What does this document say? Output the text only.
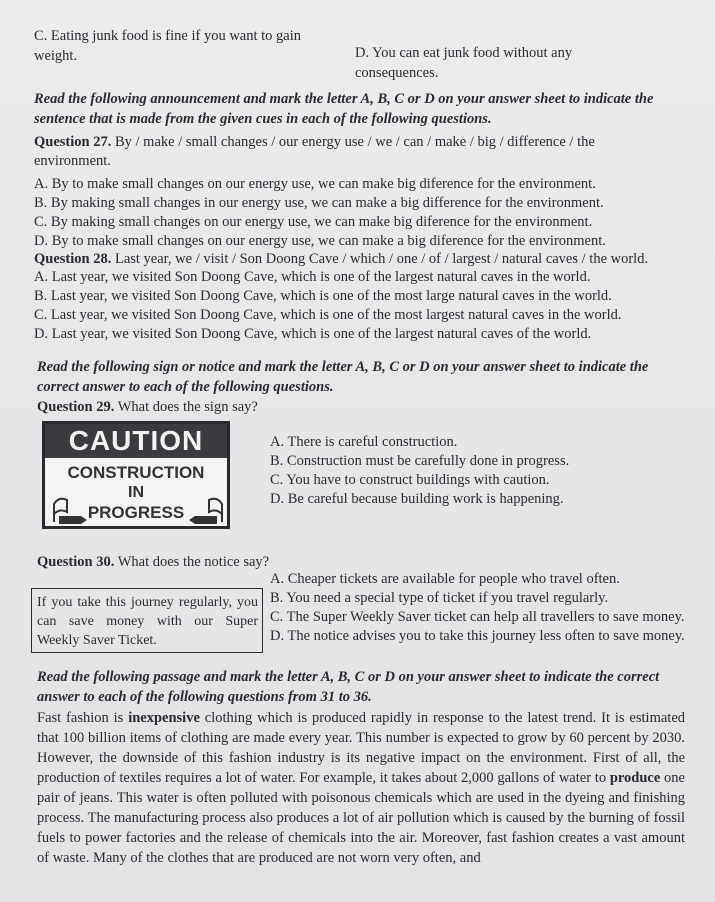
C. Eating junk food is fine if you want to gain
weight.	D. You can eat junk food without any
consequences.
Read the following announcement and mark the letter A, B, C or D on your answer sheet to indicate the
sentence that is made from the given cues in each of the following questions.
Question 27. By / make / small changes / our energy use / we / can / make / big / difference / the
environment.
A. By to make small changes on our energy use, we can make big diference for the environment.
B. By making small changes in our energy use, we can make a big difference for the environment.
C. By making small changes on our energy use, we can make big diference for the environment.
D. By to make small changes on our energy use, we can make a big diference for the environment.
Question 28. Last year, we / visit / Son Doong Cave / which / one / of / largest / natural caves / the world.
A. Last year, we visited Son Doong Cave, which is one of the largest natural caves in the world.
B. Last year, we visited Son Doong Cave, which is one of the most large natural caves in the world.
C. Last year, we visited Son Doong Cave, which is one of the most largest natural caves in the world.
D. Last year, we visited Son Doong Cave, which is one of the largest natural caves of the world.
Read the following sign or notice and mark the letter A, B, C or D on your answer sheet to indicate the
correct answer to each of the following questions.
Question 29. What does the sign say?
CAUTION
CONSTRUCTION
IN
PROGRESS
A. There is careful construction.
B. Construction must be carefully done in progress.
C. You have to construct buildings with caution.
D. Be careful because building work is happening.
Question 30. What does the notice say?
If you take this journey regularly, you can save money with our Super Weekly Saver Ticket.
A. Cheaper tickets are available for people who travel often.
B. You need a special type of ticket if you travel regularly.
C. The Super Weekly Saver ticket can help all travellers to save money.
D. The notice advises you to take this journey less often to save money.
Read the following passage and mark the letter A, B, C or D on your answer sheet to indicate the correct
answer to each of the following questions from 31 to 36.
Fast fashion is inexpensive clothing which is produced rapidly in response to the latest trend. It is estimated that 100 billion items of clothing are made every year. This number is expected to grow by 60 percent by 2030. However, the downside of this fashion industry is its negative impact on the environment. First of all, the production of textiles requires a lot of water. For example, it takes about 2,000 gallons of water to produce one pair of jeans. This water is often polluted with poisonous chemicals which are used in the dyeing and finishing process. The manufacturing process also produces a lot of air pollution which is caused by the burning of fossil fuels to power factories and the release of chemicals into the air. Moreover, fast fashion creates a vast amount of waste. Many of the clothes that are produced are not worn very often, and
